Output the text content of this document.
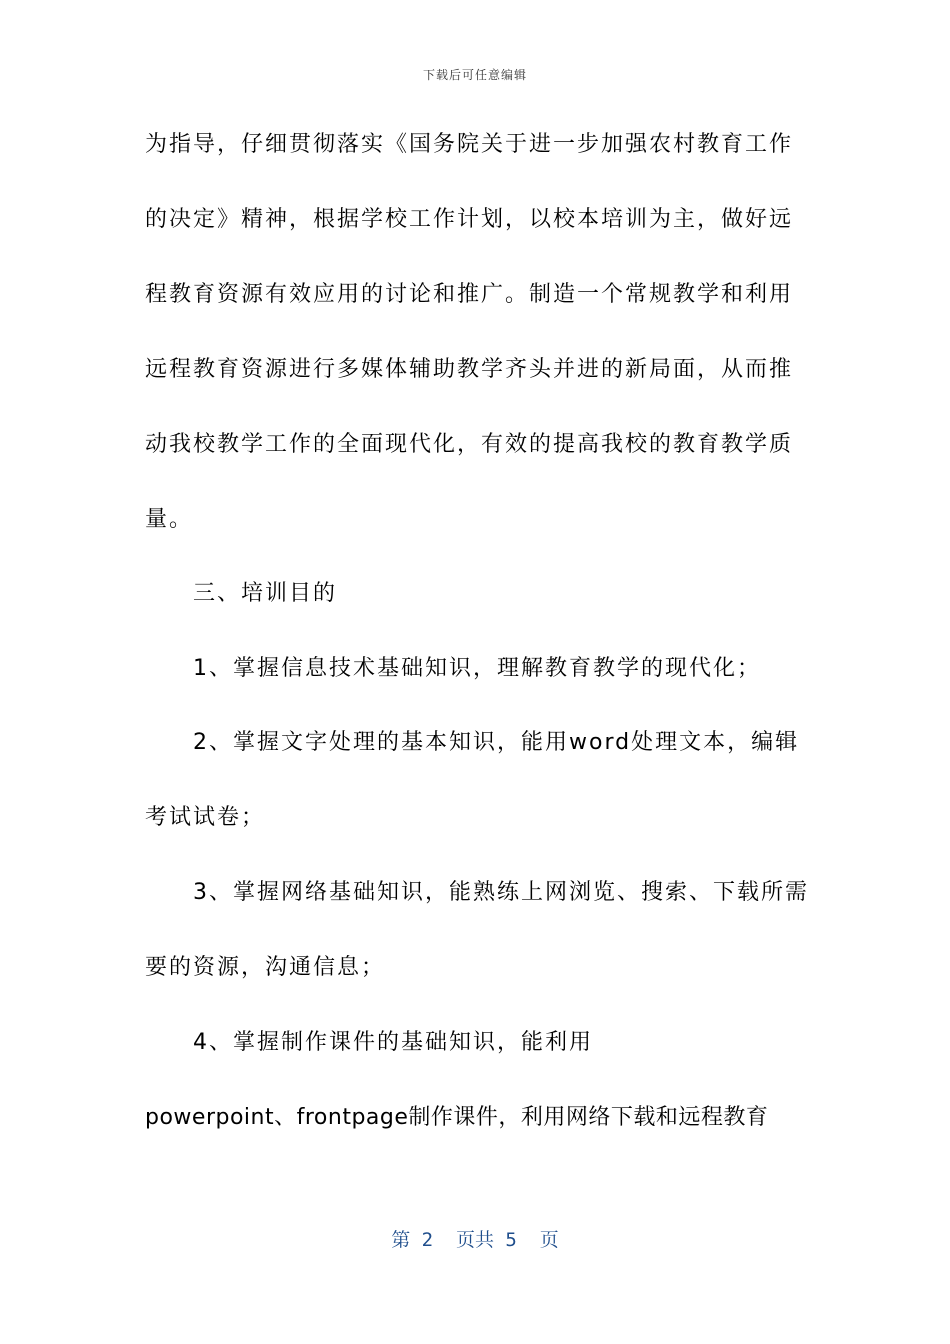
下载后可任意编辑
为指导，仔细贯彻落实《国务院关于进一步加强农村教育工作
的决定》精神，根据学校工作计划，以校本培训为主，做好远
程教育资源有效应用的讨论和推广。制造一个常规教学和利用
远程教育资源进行多媒体辅助教学齐头并进的新局面，从而推
动我校教学工作的全面现代化，有效的提高我校的教育教学质
量。
三、培训目的
1、掌握信息技术基础知识，理解教育教学的现代化；
2、掌握文字处理的基本知识，能用word处理文本，编辑
考试试卷；
3、掌握网络基础知识，能熟练上网浏览、搜索、下载所需
要的资源，沟通信息；
4、掌握制作课件的基础知识，能利用
powerpoint、frontpage制作课件，利用网络下载和远程教育
第 2  页共 5  页
